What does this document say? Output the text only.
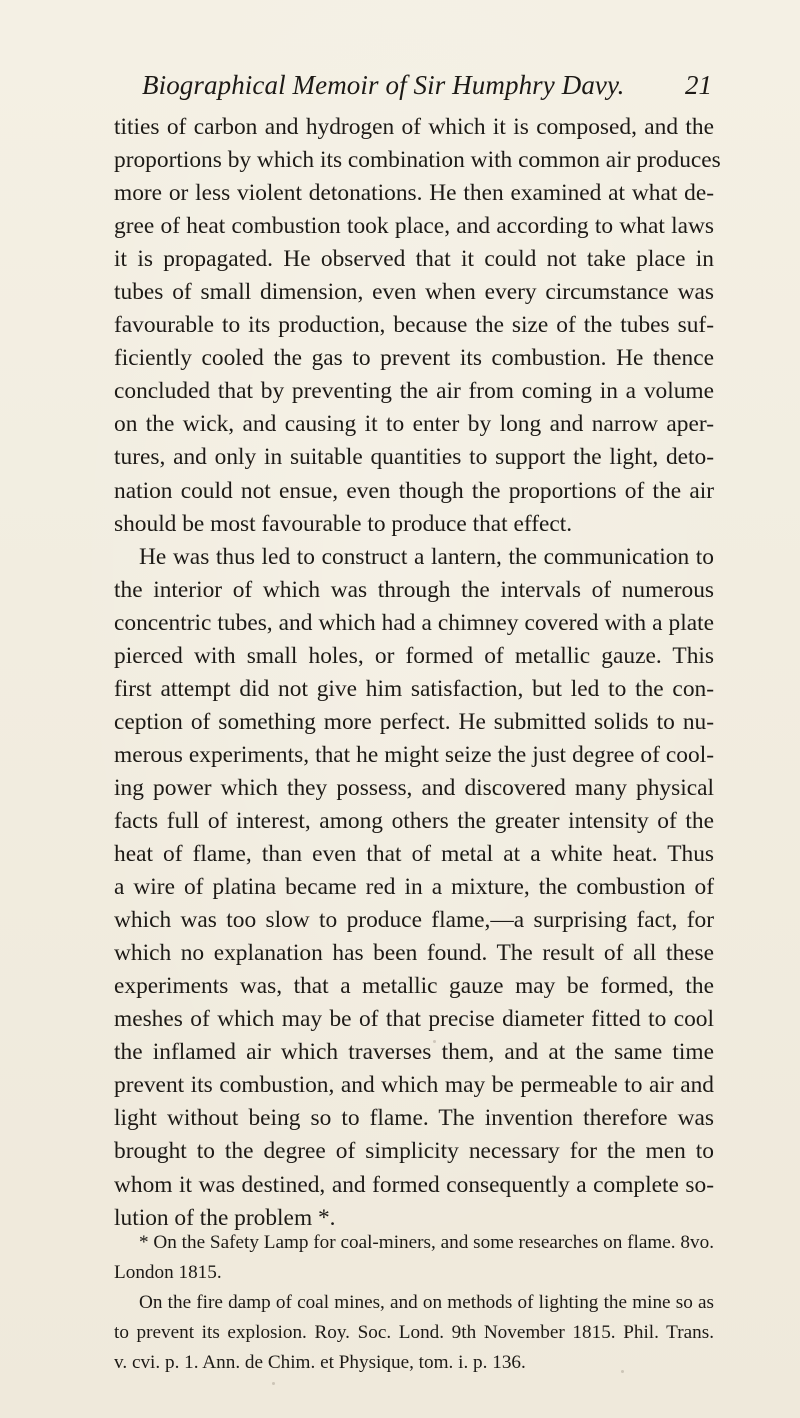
Biographical Memoir of Sir Humphry Davy. 21
tities of carbon and hydrogen of which it is composed, and the
proportions by which its combination with common air produces
more or less violent detonations. He then examined at what de-
gree of heat combustion took place, and according to what laws
it is propagated. He observed that it could not take place in
tubes of small dimension, even when every circumstance was
favourable to its production, because the size of the tubes suf-
ficiently cooled the gas to prevent its combustion. He thence
concluded that by preventing the air from coming in a volume
on the wick, and causing it to enter by long and narrow aper-
tures, and only in suitable quantities to support the light, deto-
nation could not ensue, even though the proportions of the air
should be most favourable to produce that effect.
He was thus led to construct a lantern, the communication to
the interior of which was through the intervals of numerous
concentric tubes, and which had a chimney covered with a plate
pierced with small holes, or formed of metallic gauze. This
first attempt did not give him satisfaction, but led to the con-
ception of something more perfect. He submitted solids to nu-
merous experiments, that he might seize the just degree of cool-
ing power which they possess, and discovered many physical
facts full of interest, among others the greater intensity of the
heat of flame, than even that of metal at a white heat. Thus
a wire of platina became red in a mixture, the combustion of
which was too slow to produce flame,—a surprising fact, for
which no explanation has been found. The result of all these
experiments was, that a metallic gauze may be formed, the
meshes of which may be of that precise diameter fitted to cool
the inflamed air which traverses them, and at the same time
prevent its combustion, and which may be permeable to air and
light without being so to flame. The invention therefore was
brought to the degree of simplicity necessary for the men to
whom it was destined, and formed consequently a complete so-
lution of the problem *.
* On the Safety Lamp for coal-miners, and some researches on flame. 8vo.
London 1815.
On the fire damp of coal mines, and on methods of lighting the mine so as
to prevent its explosion. Roy. Soc. Lond. 9th November 1815. Phil. Trans.
v. cvi. p. 1. Ann. de Chim. et Physique, tom. i. p. 136.
